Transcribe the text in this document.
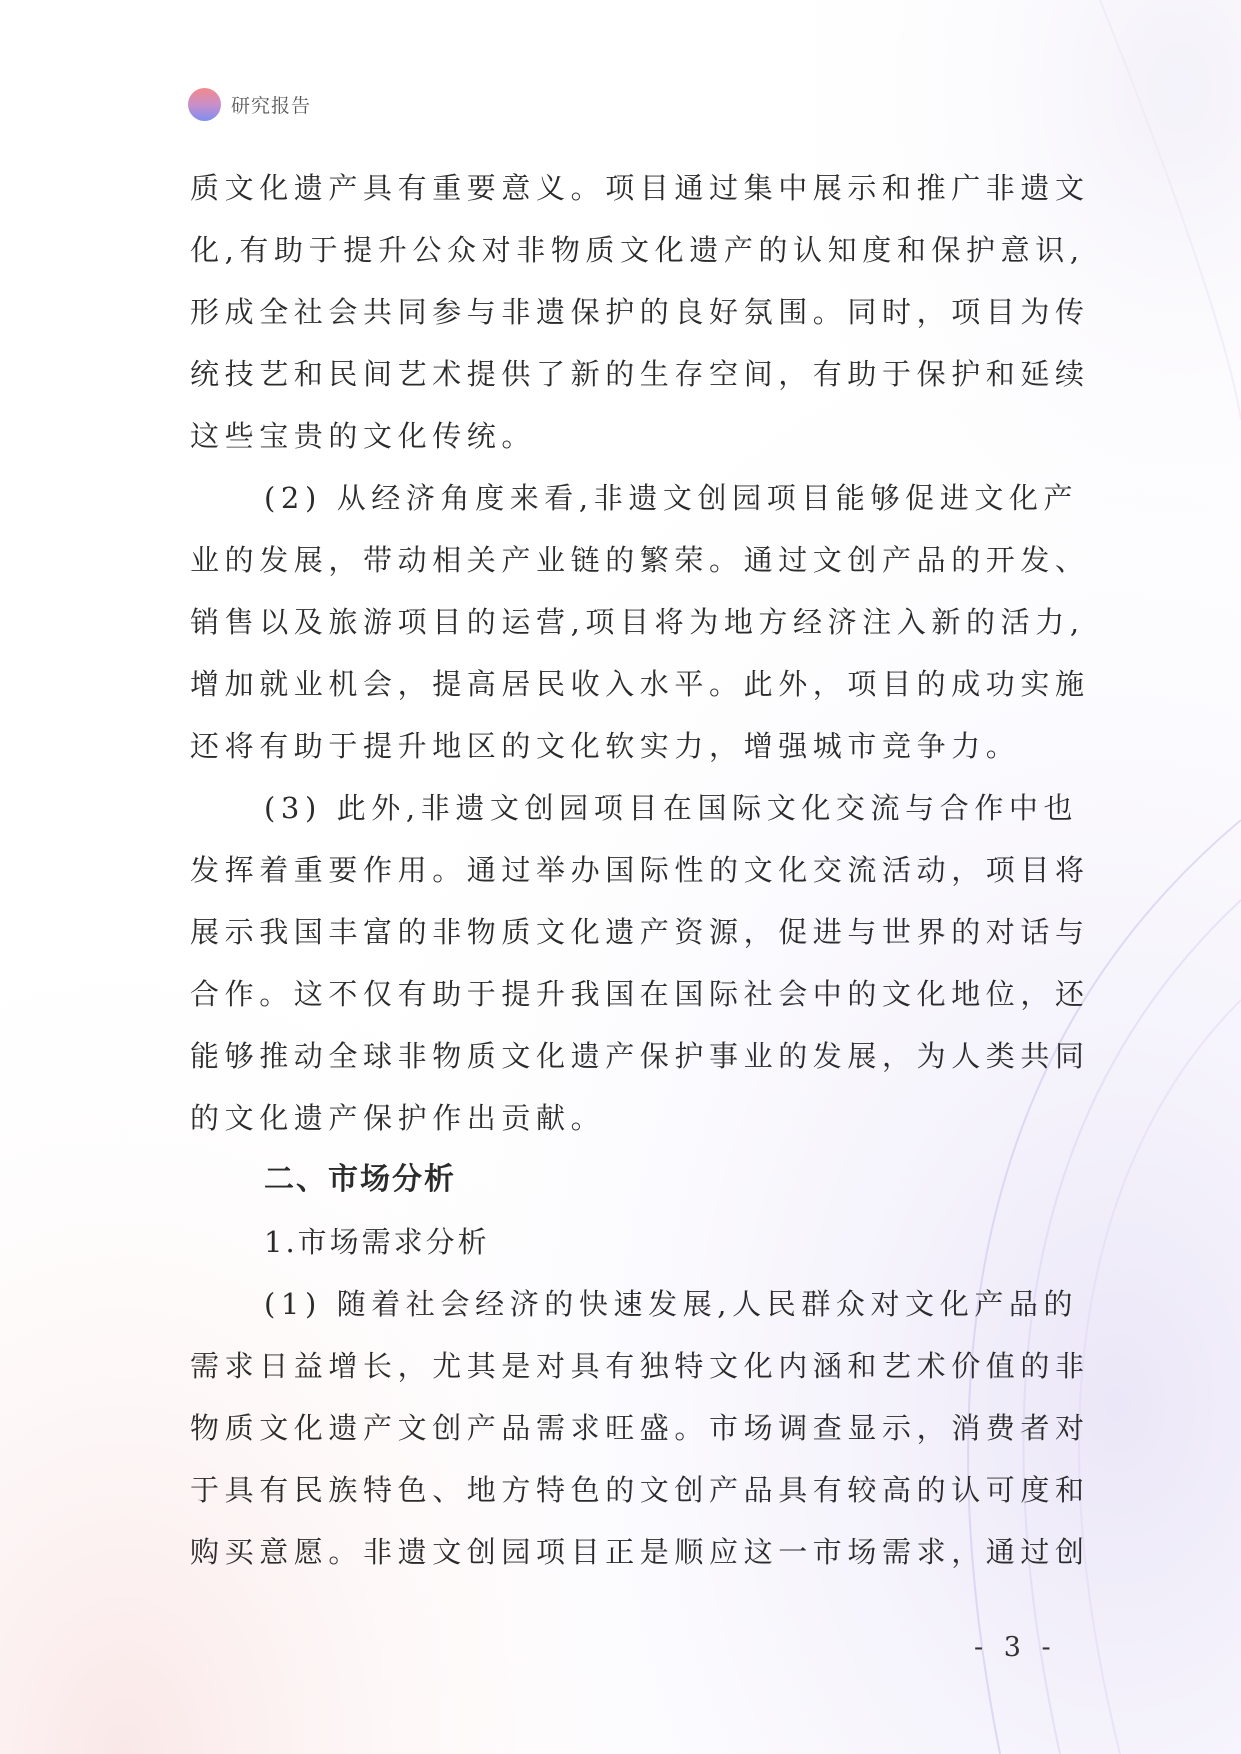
研究报告

质文化遗产具有重要意义。项目通过集中展示和推广非遗文

化,有助于提升公众对非物质文化遗产的认知度和保护意识,

形成全社会共同参与非遗保护的良好氛围。同时，项目为传

统技艺和民间艺术提供了新的生存空间，有助于保护和延续

这些宝贵的文化传统。

(2) 从经济角度来看,非遗文创园项目能够促进文化产

业的发展，带动相关产业链的繁荣。通过文创产品的开发、

销售以及旅游项目的运营,项目将为地方经济注入新的活力,

增加就业机会，提高居民收入水平。此外，项目的成功实施

还将有助于提升地区的文化软实力，增强城市竞争力。

(3) 此外,非遗文创园项目在国际文化交流与合作中也

发挥着重要作用。通过举办国际性的文化交流活动，项目将

展示我国丰富的非物质文化遗产资源，促进与世界的对话与

合作。这不仅有助于提升我国在国际社会中的文化地位，还

能够推动全球非物质文化遗产保护事业的发展，为人类共同

的文化遗产保护作出贡献。

二、市场分析

1.市场需求分析

(1) 随着社会经济的快速发展,人民群众对文化产品的

需求日益增长，尤其是对具有独特文化内涵和艺术价值的非

物质文化遗产文创产品需求旺盛。市场调查显示，消费者对

于具有民族特色、地方特色的文创产品具有较高的认可度和

购买意愿。非遗文创园项目正是顺应这一市场需求，通过创

- 3 -
